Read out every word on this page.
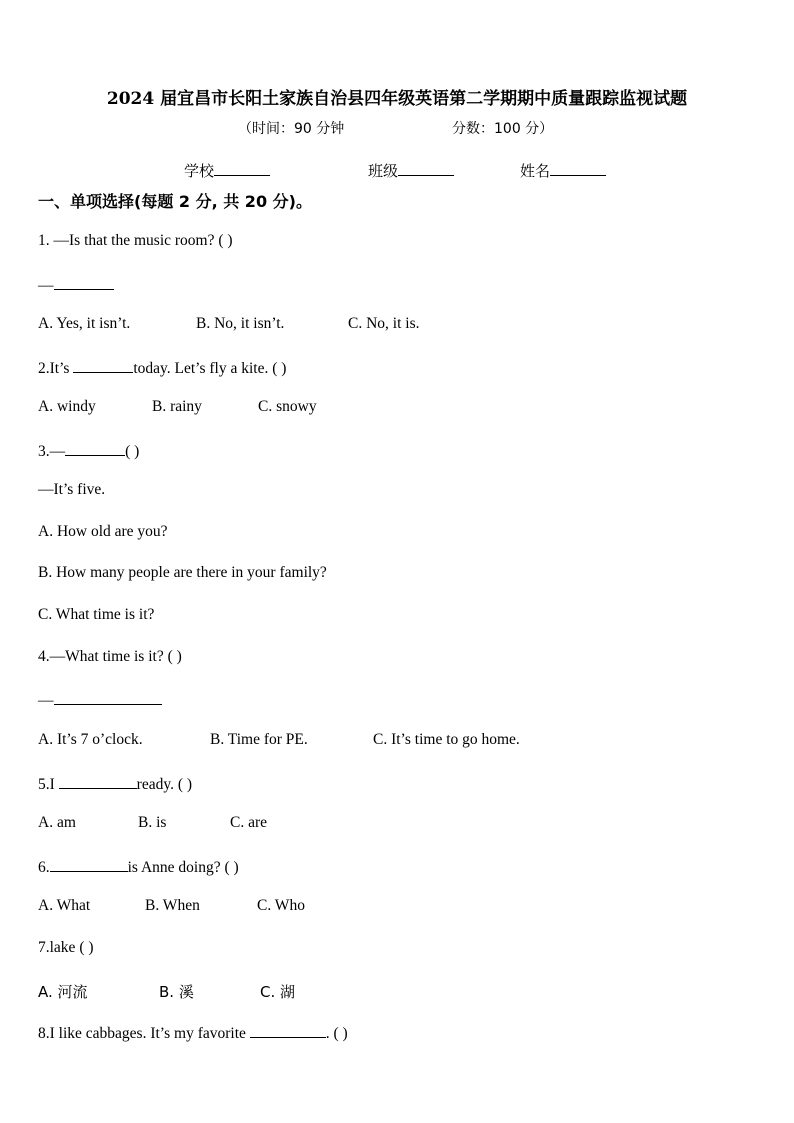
2024 届宜昌市长阳土家族自治县四年级英语第二学期期中质量跟踪监视试题
（时间：90 分钟	分数：100 分）
学校	班级	姓名
一、单项选择(每题 2 分, 共 20 分)。
1. —Is that the music room? ( )
—
A. Yes, it isn’t.	B. No, it isn’t.	C. No, it is.
2.It’s	today. Let’s fly a kite. ( )
A. windy	B. rainy	C. snowy
3.—	( )
—It’s five.
A. How old are you?
B. How many people are there in your family?
C. What time is it?
4.—What time is it? ( )
—
A. It’s 7 o’clock.	B. Time for PE.	C. It’s time to go home.
5.I	ready. ( )
A. am	B. is	C. are
6.	is Anne doing? ( )
A. What	B. When	C. Who
7.lake ( )
A. 河流	B. 溪	C. 湖
8.I like cabbages. It’s my favorite	. ( )
